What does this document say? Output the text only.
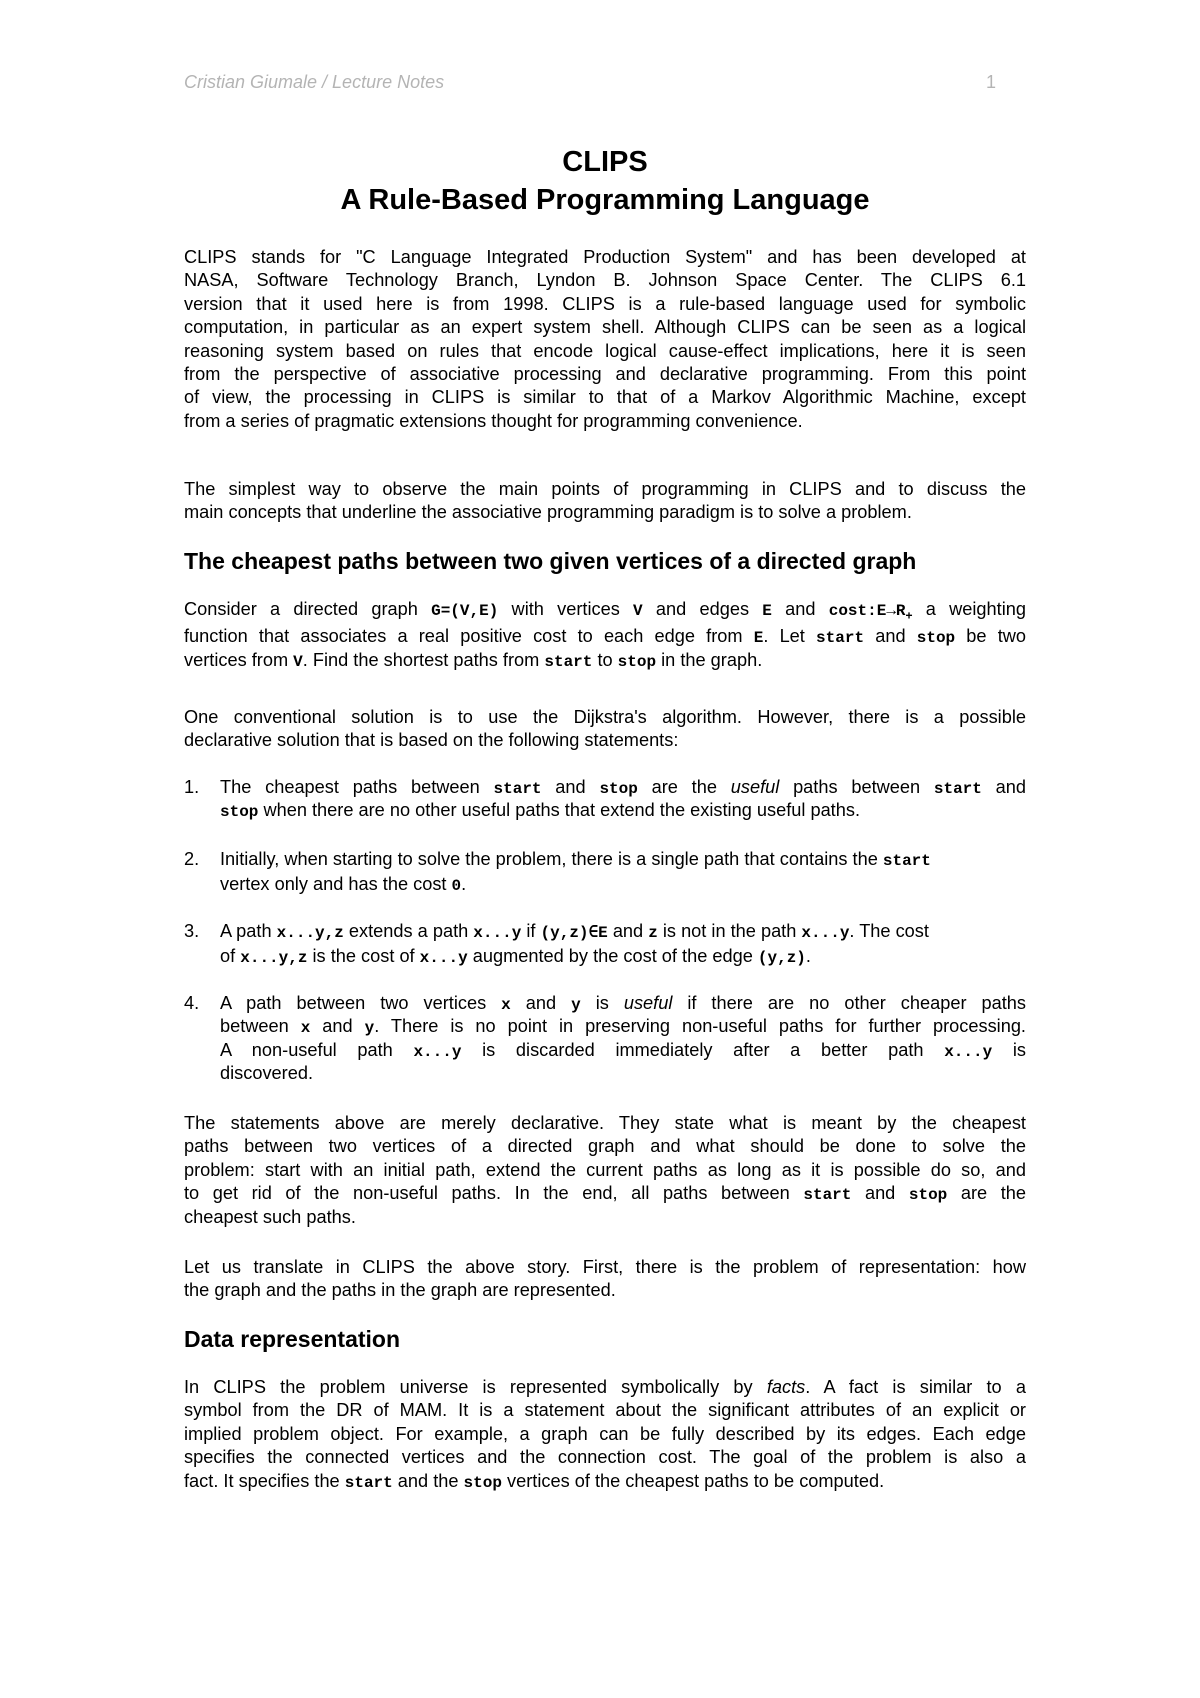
Cristian Giumale / Lecture Notes	1
CLIPS
A Rule-Based Programming Language
CLIPS stands for "C Language Integrated Production System" and has been developed at
NASA, Software Technology Branch, Lyndon B. Johnson Space Center. The CLIPS 6.1
version that it used here is from 1998. CLIPS is a rule-based language used for symbolic
computation, in particular as an expert system shell. Although CLIPS can be seen as a logical
reasoning system based on rules that encode logical cause-effect implications, here it is seen
from the perspective of associative processing and declarative programming. From this point
of view, the processing in CLIPS is similar to that of a Markov Algorithmic Machine, except
from a series of pragmatic extensions thought for programming convenience.
The simplest way to observe the main points of programming in CLIPS and to discuss the
main concepts that underline the associative programming paradigm is to solve a problem.
The cheapest paths between two given vertices of a directed graph
Consider a directed graph G=(V,E) with vertices V and edges E and $\cos t:E\to R_+$ a weighting
function that associates a real positive cost to each edge from E. Let start and stop be two
vertices from V. Find the shortest paths from start to stop in the graph.
One conventional solution is to use the Dijkstra's algorithm. However, there is a possible
declarative solution that is based on the following statements:
1. The cheapest paths between start and stop are the useful paths between start and
stop when there are no other useful paths that extend the existing useful paths.
2. Initially, when starting to solve the problem, there is a single path that contains the start
vertex only and has the cost 0.
3. A path x...y,z extends a path x...y if (y,z)∈E and z is not in the path x...y. The cost
of x...y,z is the cost of x...y augmented by the cost of the edge (y,z).
4. A path between two vertices x and y is useful if there are no other cheaper paths
between x and y. There is no point in preserving non-useful paths for further processing.
A non-useful path x...y is discarded immediately after a better path x...y is
discovered.
The statements above are merely declarative. They state what is meant by the cheapest
paths between two vertices of a directed graph and what should be done to solve the
problem: start with an initial path, extend the current paths as long as it is possible do so, and
to get rid of the non-useful paths. In the end, all paths between start and stop are the
cheapest such paths.
Let us translate in CLIPS the above story. First, there is the problem of representation: how
the graph and the paths in the graph are represented.
Data representation
In CLIPS the problem universe is represented symbolically by facts. A fact is similar to a
symbol from the DR of MAM. It is a statement about the significant attributes of an explicit or
implied problem object. For example, a graph can be fully described by its edges. Each edge
specifies the connected vertices and the connection cost. The goal of the problem is also a
fact. It specifies the start and the stop vertices of the cheapest paths to be computed.
